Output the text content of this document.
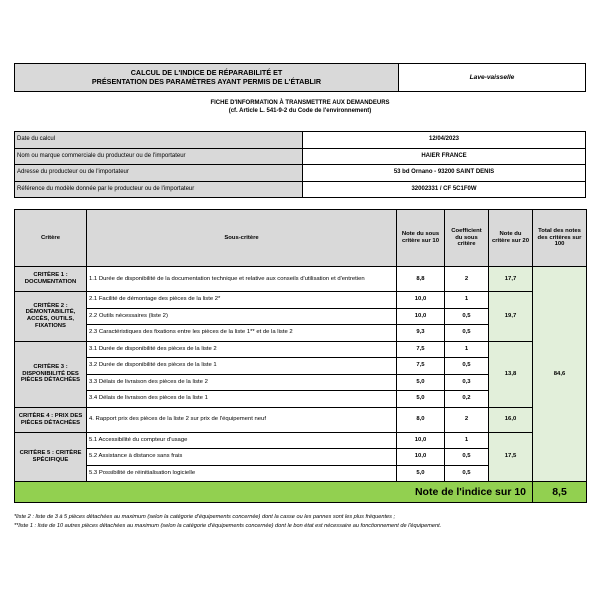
CALCUL DE L'INDICE DE RÉPARABILITÉ ET
PRÉSENTATION DES PARAMÈTRES AYANT PERMIS DE L'ÉTABLIR	Lave-vaisselle
FICHE D'INFORMATION À TRANSMETTRE AUX DEMANDEURS
(cf. Article L. 541-9-2 du Code de l'environnement)
Date du calcul	12/04/2023
Nom ou marque commerciale du producteur ou de l'importateur	HAIER FRANCE
Adresse du producteur ou de l'importateur	53 bd Ornano - 93200 SAINT DENIS
Référence du modèle donnée par le producteur ou de l'importateur	32002331 / CF 5C1F0W
Critère	Sous-critère	Note du sous critère sur 10	Coefficient du sous critère	Note du critère sur 20	Total des notes des critères sur 100
CRITÈRE 1 : DOCUMENTATION	1.1 Durée de disponibilité de la documentation technique et relative aux conseils d'utilisation et d'entretien	8,8	2	17,7	84,6
CRITÈRE 2 : DÉMONTABILITÉ, ACCÈS, OUTILS, FIXATIONS	2.1 Facilité de démontage des pièces de la liste 2*	10,0	1	19,7	
	2.2 Outils nécessaires (liste 2)	10,0	0,5		
	2.3 Caractéristiques des fixations entre les pièces de la liste 1** et de la liste 2	9,3	0,5		
CRITÈRE 3 : DISPONIBILITÉ DES PIÈCES DÉTACHÉES	3.1 Durée de disponibilité des pièces de la liste 2	7,5	1	13,8	
	3.2 Durée de disponibilité des pièces de la liste 1	7,5	0,5		
	3.3 Délais de livraison des pièces de la liste 2	5,0	0,3		
	3.4 Délais de livraison des pièces de la liste 1	5,0	0,2		
CRITÈRE 4 : PRIX DES PIÈCES DÉTACHÉES	4. Rapport prix des pièces de la liste 2 sur prix de l'équipement neuf	8,0	2	16,0	
CRITÈRE 5 : CRITÈRE SPÉCIFIQUE	5.1 Accessibilité du compteur d'usage	10,0	1	17,5	
	5.2 Assistance à distance sans frais	10,0	0,5		
	5.3 Possibilité de réinitialisation logicielle	5,0	0,5		
Note de l'indice sur 10					8,5
*liste 2 : liste de 3 à 5 pièces détachées au maximum (selon la catégorie d'équipements concernée) dont la casse ou les pannes sont les plus fréquentes ;
**liste 1 : liste de 10 autres pièces détachées au maximum (selon la catégorie d'équipements concernée) dont le bon état est nécessaire au fonctionnement de l'équipement.
